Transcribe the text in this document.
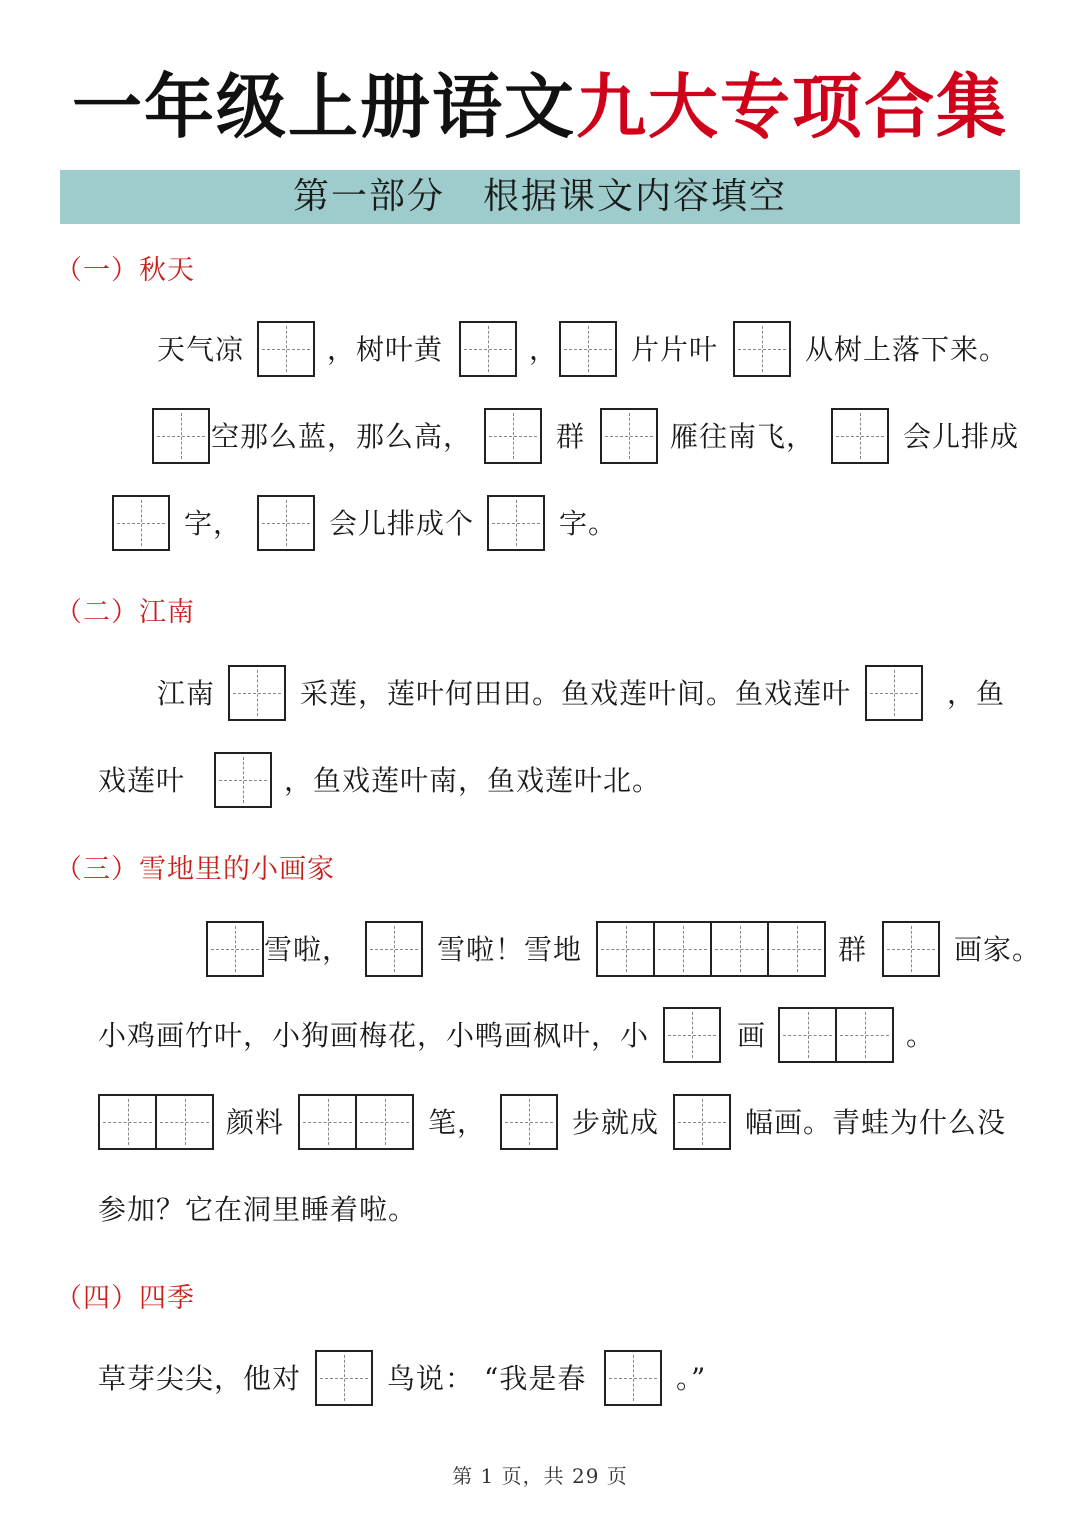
一年级上册语文九大专项合集
第一部分　根据课文内容填空
（一）秋天
天气凉	，树叶黄	，	片片叶	从树上落下来。
空那么蓝，那么高，	群	雁往南飞，	会儿排成
字，	会儿排成个	字。
（二）江南
江南	采莲，莲叶何田田。鱼戏莲叶间。鱼戏莲叶	，鱼
戏莲叶	，鱼戏莲叶南，鱼戏莲叶北。
（三）雪地里的小画家
雪啦，	雪啦！雪地	群	画家。
小鸡画竹叶，小狗画梅花，小鸭画枫叶，小	画	。
颜料	笔，	步就成	幅画。青蛙为什么没
参加？它在洞里睡着啦。
（四）四季
草芽尖尖，他对	鸟说： “我是春	。”
第 1 页，共 29 页
